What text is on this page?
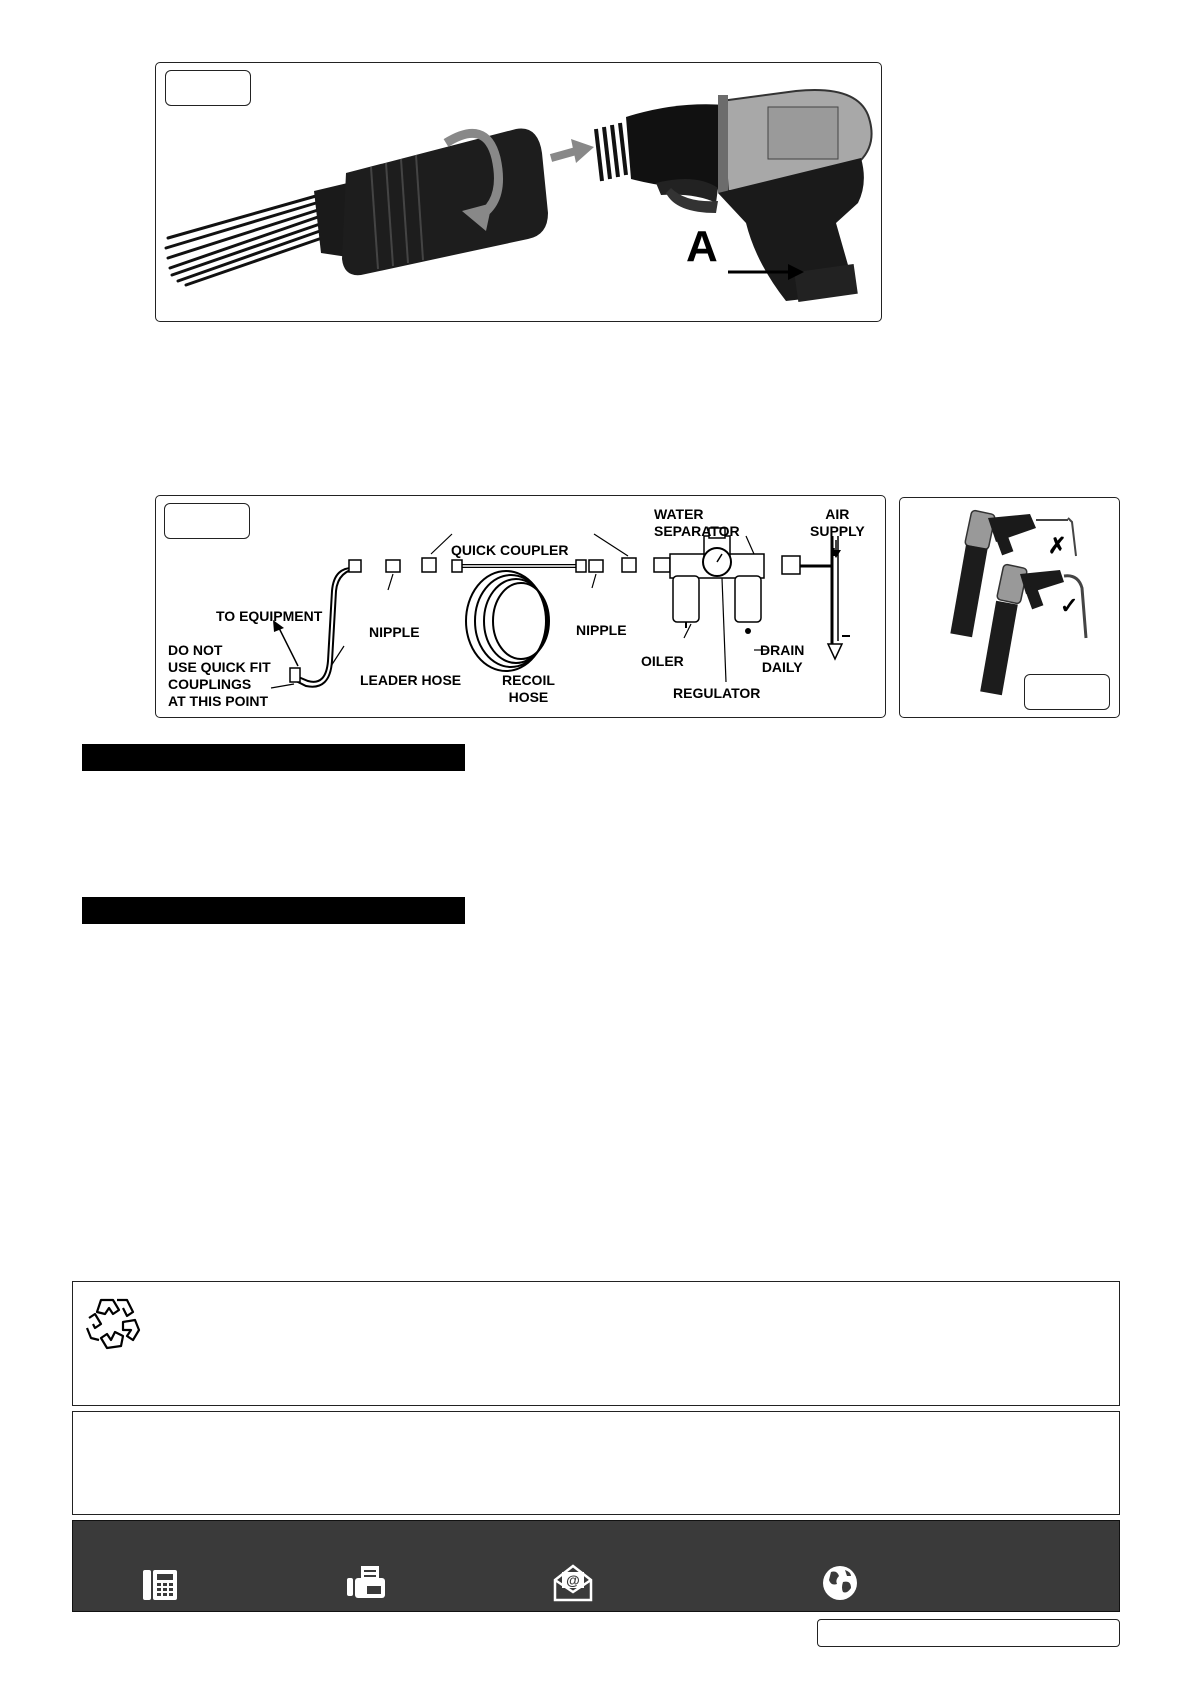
A
WATER
SEPARATOR
AIR
SUPPLY
QUICK COUPLER
TO EQUIPMENT
NIPPLE	NIPPLE
DO NOT
USE QUICK FIT
COUPLINGS
AT THIS POINT
LEADER HOSE	RECOIL
HOSE
OILER
DRAIN
DAILY
REGULATOR
✗
✓
@
